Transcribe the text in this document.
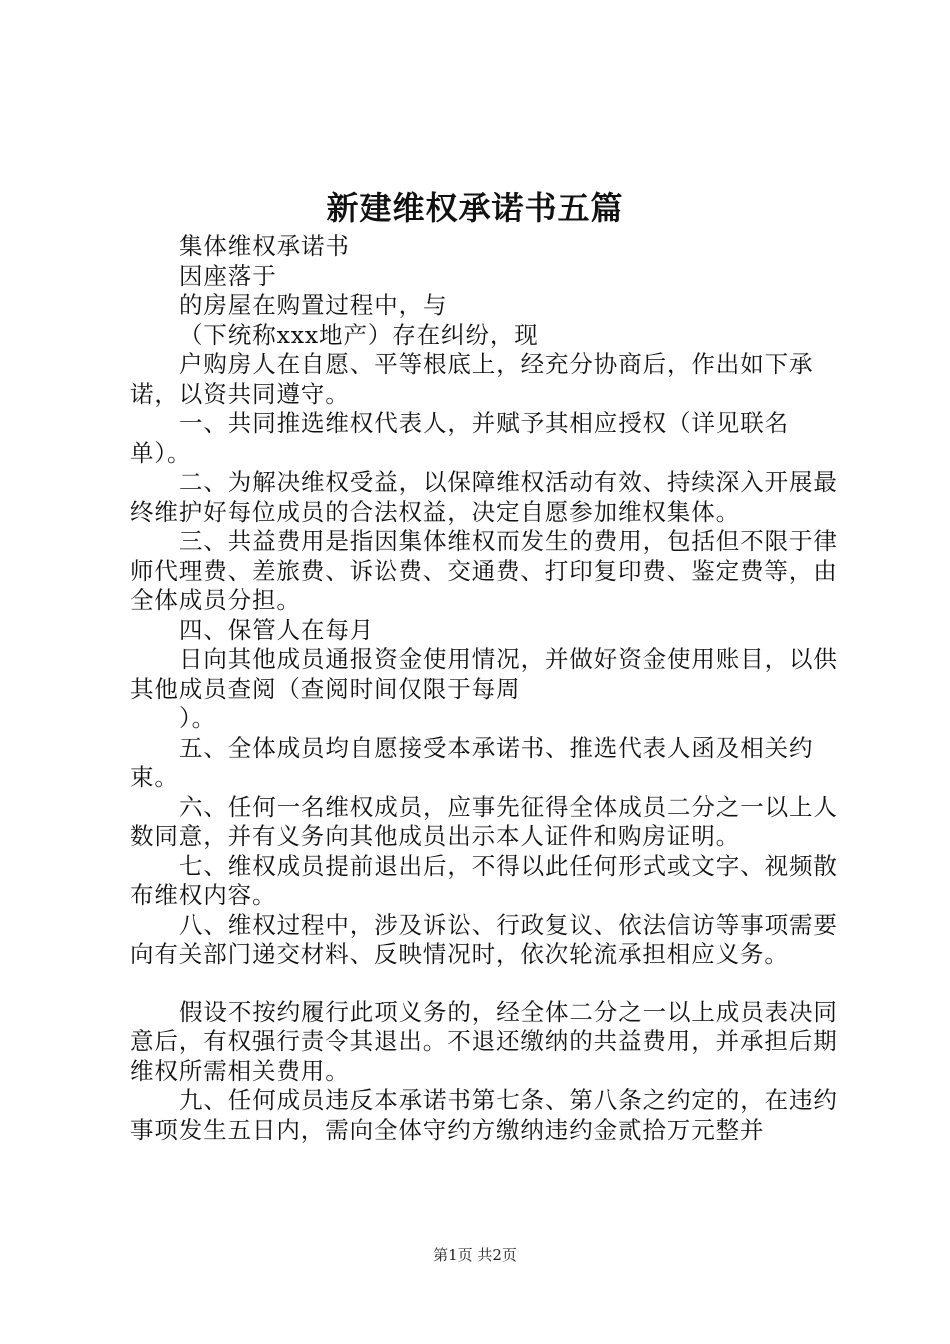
新建维权承诺书五篇

集体维权承诺书

因座落于

的房屋在购置过程中，与

（下统称xxx地产）存在纠纷，现

户购房人在自愿、平等根底上，经充分协商后，作出如下承诺，以资共同遵守。

一、共同推选维权代表人，并赋予其相应授权（详见联名单）。

二、为解决维权受益，以保障维权活动有效、持续深入开展最终维护好每位成员的合法权益，决定自愿参加维权集体。

三、共益费用是指因集体维权而发生的费用，包括但不限于律师代理费、差旅费、诉讼费、交通费、打印复印费、鉴定费等，由全体成员分担。

四、保管人在每月

日向其他成员通报资金使用情况，并做好资金使用账目，以供其他成员查阅（查阅时间仅限于每周

）。

五、全体成员均自愿接受本承诺书、推选代表人函及相关约束。

六、任何一名维权成员，应事先征得全体成员二分之一以上人数同意，并有义务向其他成员出示本人证件和购房证明。

七、维权成员提前退出后，不得以此任何形式或文字、视频散布维权内容。

八、维权过程中，涉及诉讼、行政复议、依法信访等事项需要向有关部门递交材料、反映情况时，依次轮流承担相应义务。

假设不按约履行此项义务的，经全体二分之一以上成员表决同意后，有权强行责令其退出。不退还缴纳的共益费用，并承担后期维权所需相关费用。

九、任何成员违反本承诺书第七条、第八条之约定的，在违约事项发生五日内，需向全体守约方缴纳违约金贰拾万元整并

第1页 共2页
